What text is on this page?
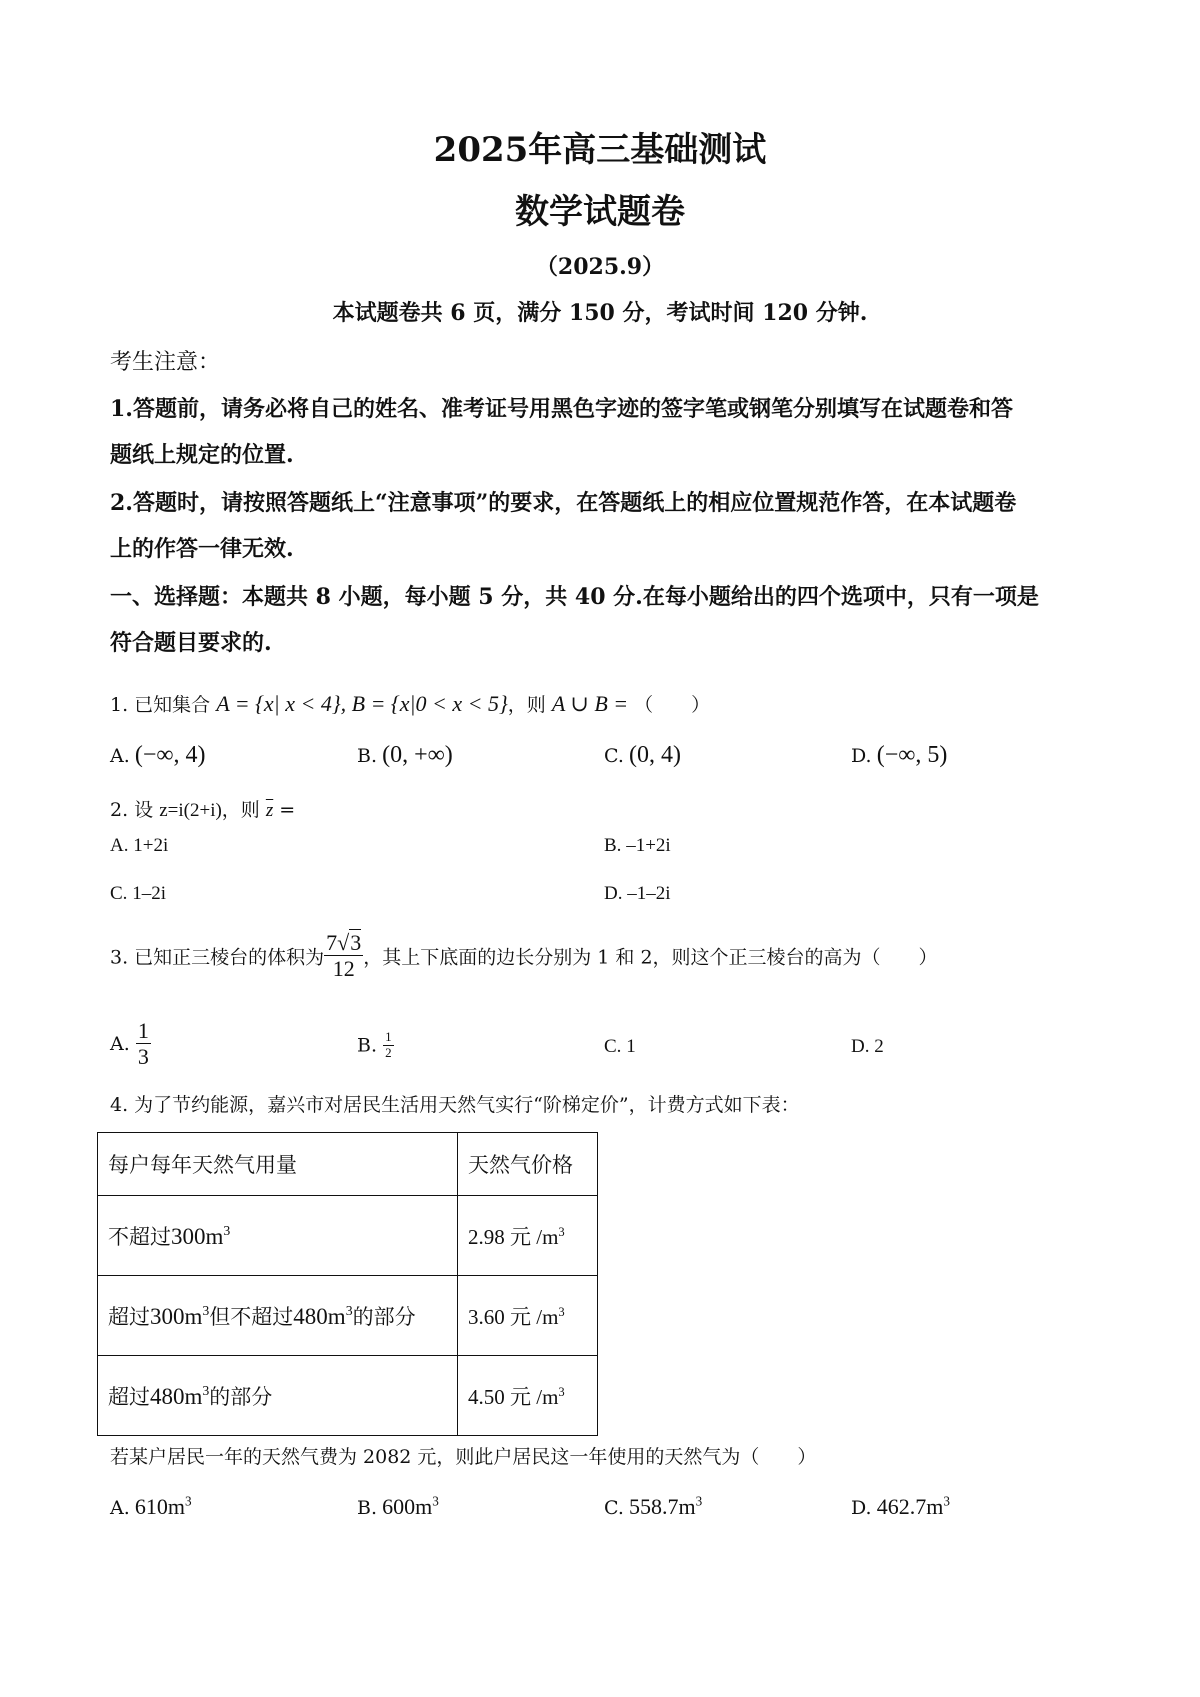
2025年高三基础测试
数学试题卷
（2025.9）
本试题卷共 6 页，满分 150 分，考试时间 120 分钟.
考生注意：
1.答题前，请务必将自己的姓名、准考证号用黑色字迹的签字笔或钢笔分别填写在试题卷和答
题纸上规定的位置.
2.答题时，请按照答题纸上“注意事项”的要求，在答题纸上的相应位置规范作答，在本试题卷
上的作答一律无效.
一、选择题：本题共 8 小题，每小题 5 分，共 40 分.在每小题给出的四个选项中，只有一项是
符合题目要求的.
1. 已知集合 A = {x| x < 4}, B = {x|0 < x < 5}，则 A ∪ B = （　　）
A. (−∞, 4)	B. (0, +∞)	C. (0, 4)	D. (−∞, 5)
2. 设 z=i(2+i)，则 $\overline{z}$ =
A. 1+2i	B. –1+2i
C. 1–2i	D. –1–2i
3. 已知正三棱台的体积为 $\frac{7√3}{12}$ ，其上下底面的边长分别为 1 和 2，则这个正三棱台的高为（　　）
A. $\frac{1}{3}$	B. $\frac{1}{2}$	C. 1	D. 2
4. 为了节约能源，嘉兴市对居民生活用天然气实行“阶梯定价”，计费方式如下表：
每户每年天然气用量	天然气价格
不超过$300m^3$	2.98 元 $/m^3$
超过$300m^3$但不超过$480m^3$的部分	3.60 元 $/m^3$
超过$480m^3$的部分	4.50 元 $/m^3$
若某户居民一年的天然气费为 2082 元，则此户居民这一年使用的天然气为（　　）
A. $610m^3$	B. $600m^3$	C. $558.7m^3$	D. $462.7m^3$
